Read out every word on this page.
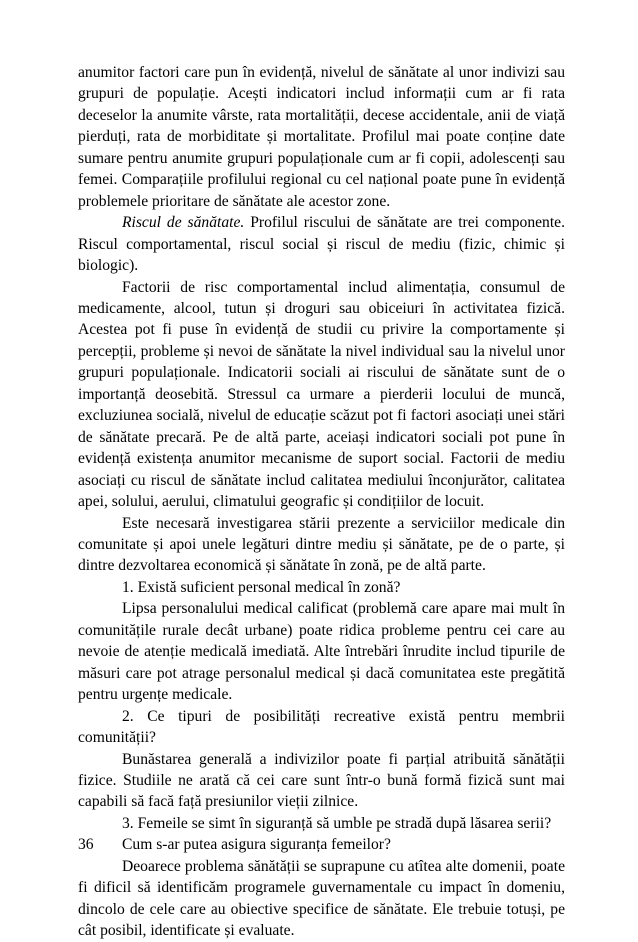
anumitor factori care pun în evidență, nivelul de sănătate al unor indivizi sau grupuri de populație. Acești indicatori includ informații cum ar fi rata deceselor la anumite vârste, rata mortalității, decese accidentale, anii de viață pierduți, rata de morbiditate și mortalitate. Profilul mai poate conține date sumare pentru anumite grupuri populaționale cum ar fi copii, adolescenți sau femei. Comparațiile profilului regional cu cel național poate pune în evidență problemele prioritare de sănătate ale acestor zone.

Riscul de sănătate. Profilul riscului de sănătate are trei componente. Riscul comportamental, riscul social și riscul de mediu (fizic, chimic și biologic).

Factorii de risc comportamental includ alimentația, consumul de medicamente, alcool, tutun și droguri sau obiceiuri în activitatea fizică. Acestea pot fi puse în evidență de studii cu privire la comportamente și percepții, probleme și nevoi de sănătate la nivel individual sau la nivelul unor grupuri populaționale. Indicatorii sociali ai riscului de sănătate sunt de o importanță deosebită. Stressul ca urmare a pierderii locului de muncă, excluziunea socială, nivelul de educație scăzut pot fi factori asociați unei stări de sănătate precară. Pe de altă parte, aceiași indicatori sociali pot pune în evidență existența anumitor mecanisme de suport social. Factorii de mediu asociați cu riscul de sănătate includ calitatea mediului înconjurător, calitatea apei, solului, aerului, climatului geografic și condițiilor de locuit.

Este necesară investigarea stării prezente a serviciilor medicale din comunitate și apoi unele legături dintre mediu și sănătate, pe de o parte, și dintre dezvoltarea economică și sănătate în zonă, pe de altă parte.

1. Există suficient personal medical în zonă?

Lipsa personalului medical calificat (problemă care apare mai mult în comunitățile rurale decât urbane) poate ridica probleme pentru cei care au nevoie de atenție medicală imediată. Alte întrebări înrudite includ tipurile de măsuri care pot atrage personalul medical și dacă comunitatea este pregătită pentru urgențe medicale.

2. Ce tipuri de posibilități recreative există pentru membrii comunității?

Bunăstarea generală a indivizilor poate fi parțial atribuită sănătății fizice. Studiile ne arată că cei care sunt într-o bună formă fizică sunt mai capabili să facă față presiunilor vieții zilnice.

3. Femeile se simt în siguranță să umble pe stradă după lăsarea serii?

Cum s-ar putea asigura siguranța femeilor?

Deoarece problema sănătății se suprapune cu atîtea alte domenii, poate fi dificil să identificăm programele guvernamentale cu impact în domeniu, dincolo de cele care au obiective specifice de sănătate. Ele trebuie totuși, pe cât posibil, identificate și evaluate.

36
